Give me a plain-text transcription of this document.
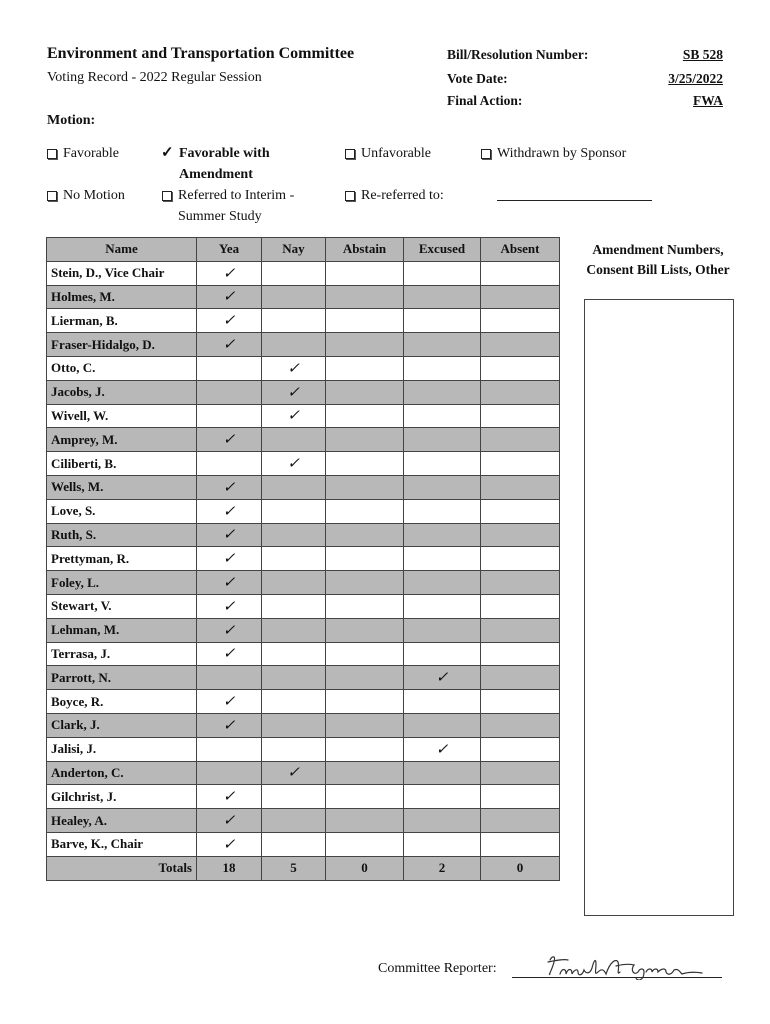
Environment and Transportation Committee
Voting Record - 2022 Regular Session
Bill/Resolution Number:	SB 528
Vote Date:	3/25/2022
Final Action:	FWA
Motion:
Favorable	✓ Favorable with Amendment
Unfavorable	Withdrawn by Sponsor
No Motion	Referred to Interim - Summer Study
Re-referred to:
Name	Yea	Nay	Abstain	Excused	Absent
Stein, D., Vice Chair	✓				
Holmes, M.	✓				
Lierman, B.	✓				
Fraser-Hidalgo, D.	✓				
Otto, C.		✓			
Jacobs, J.		✓			
Wivell, W.		✓			
Amprey, M.	✓				
Ciliberti, B.		✓			
Wells, M.	✓				
Love, S.	✓				
Ruth, S.	✓				
Prettyman, R.	✓				
Foley, L.	✓				
Stewart, V.	✓				
Lehman, M.	✓				
Terrasa, J.	✓				
Parrott, N.				✓	
Boyce, R.	✓				
Clark, J.	✓				
Jalisi, J.				✓	
Anderton, C.		✓			
Gilchrist, J.	✓				
Healey, A.	✓				
Barve, K., Chair	✓				
Totals	18	5	0	2	0
Amendment Numbers, Consent Bill Lists, Other
Committee Reporter:
